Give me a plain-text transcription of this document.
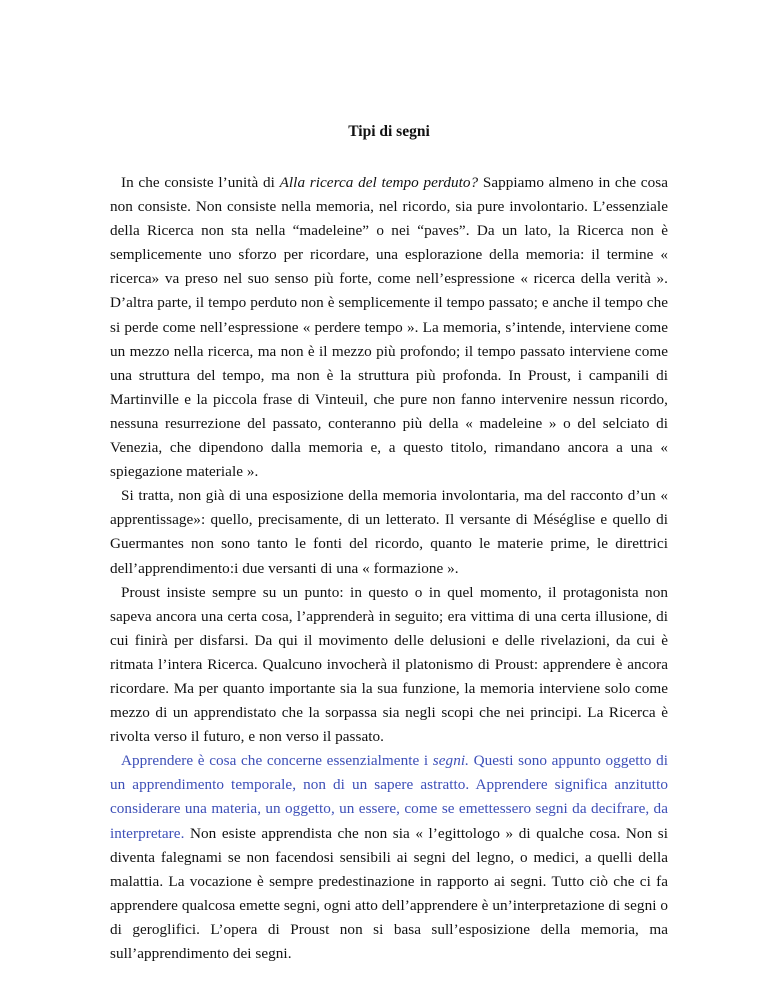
Tipi di segni

In che consiste l’unità di Alla ricerca del tempo perduto? Sappiamo almeno in che cosa non consiste. Non consiste nella memoria, nel ricordo, sia pure involontario. L’essenziale della Ricerca non sta nella “madeleine” o nei “paves”. Da un lato, la Ricerca non è semplicemente uno sforzo per ricordare, una esplorazione della memoria: il termine « ricerca» va preso nel suo senso più forte, come nell’espressione « ricerca della verità ». D’altra parte, il tempo perduto non è semplicemente il tempo passato; e anche il tempo che si perde come nell’espressione « perdere tempo ». La memoria, s’intende, interviene come un mezzo nella ricerca, ma non è il mezzo più profondo; il tempo passato interviene come una struttura del tempo, ma non è la struttura più profonda. In Proust, i campanili di Martinville e la piccola frase di Vinteuil, che pure non fanno intervenire nessun ricordo, nessuna resurrezione del passato, conteranno più della « madeleine » o del selciato di Venezia, che dipendono dalla memoria e, a questo titolo, rimandano ancora a una « spiegazione materiale ».

Si tratta, non già di una esposizione della memoria involontaria, ma del racconto d’un « apprentissage»: quello, precisamente, di un letterato. Il versante di Méséglise e quello di Guermantes non sono tanto le fonti del ricordo, quanto le materie prime, le direttrici dell’apprendimento:i due versanti di una « formazione ».

Proust insiste sempre su un punto: in questo o in quel momento, il protagonista non sapeva ancora una certa cosa, l’apprenderà in seguito; era vittima di una certa illusione, di cui finirà per disfarsi. Da qui il movimento delle delusioni e delle rivelazioni, da cui è ritmata l’intera Ricerca. Qualcuno invocherà il platonismo di Proust: apprendere è ancora ricordare. Ma per quanto importante sia la sua funzione, la memoria interviene solo come mezzo di un apprendistato che la sorpassa sia negli scopi che nei principi. La Ricerca è rivolta verso il futuro, e non verso il passato.

Apprendere è cosa che concerne essenzialmente i segni. Questi sono appunto oggetto di un apprendimento temporale, non di un sapere astratto. Apprendere significa anzitutto considerare una materia, un oggetto, un essere, come se emettessero segni da decifrare, da interpretare. Non esiste apprendista che non sia « l’egittologo » di qualche cosa. Non si diventa falegnami se non facendosi sensibili ai segni del legno, o medici, a quelli della malattia. La vocazione è sempre predestinazione in rapporto ai segni. Tutto ciò che ci fa apprendere qualcosa emette segni, ogni atto dell’apprendere è un’interpretazione di segni o di geroglifici. L’opera di Proust non si basa sull’esposizione della memoria, ma sull’apprendimento dei segni.
